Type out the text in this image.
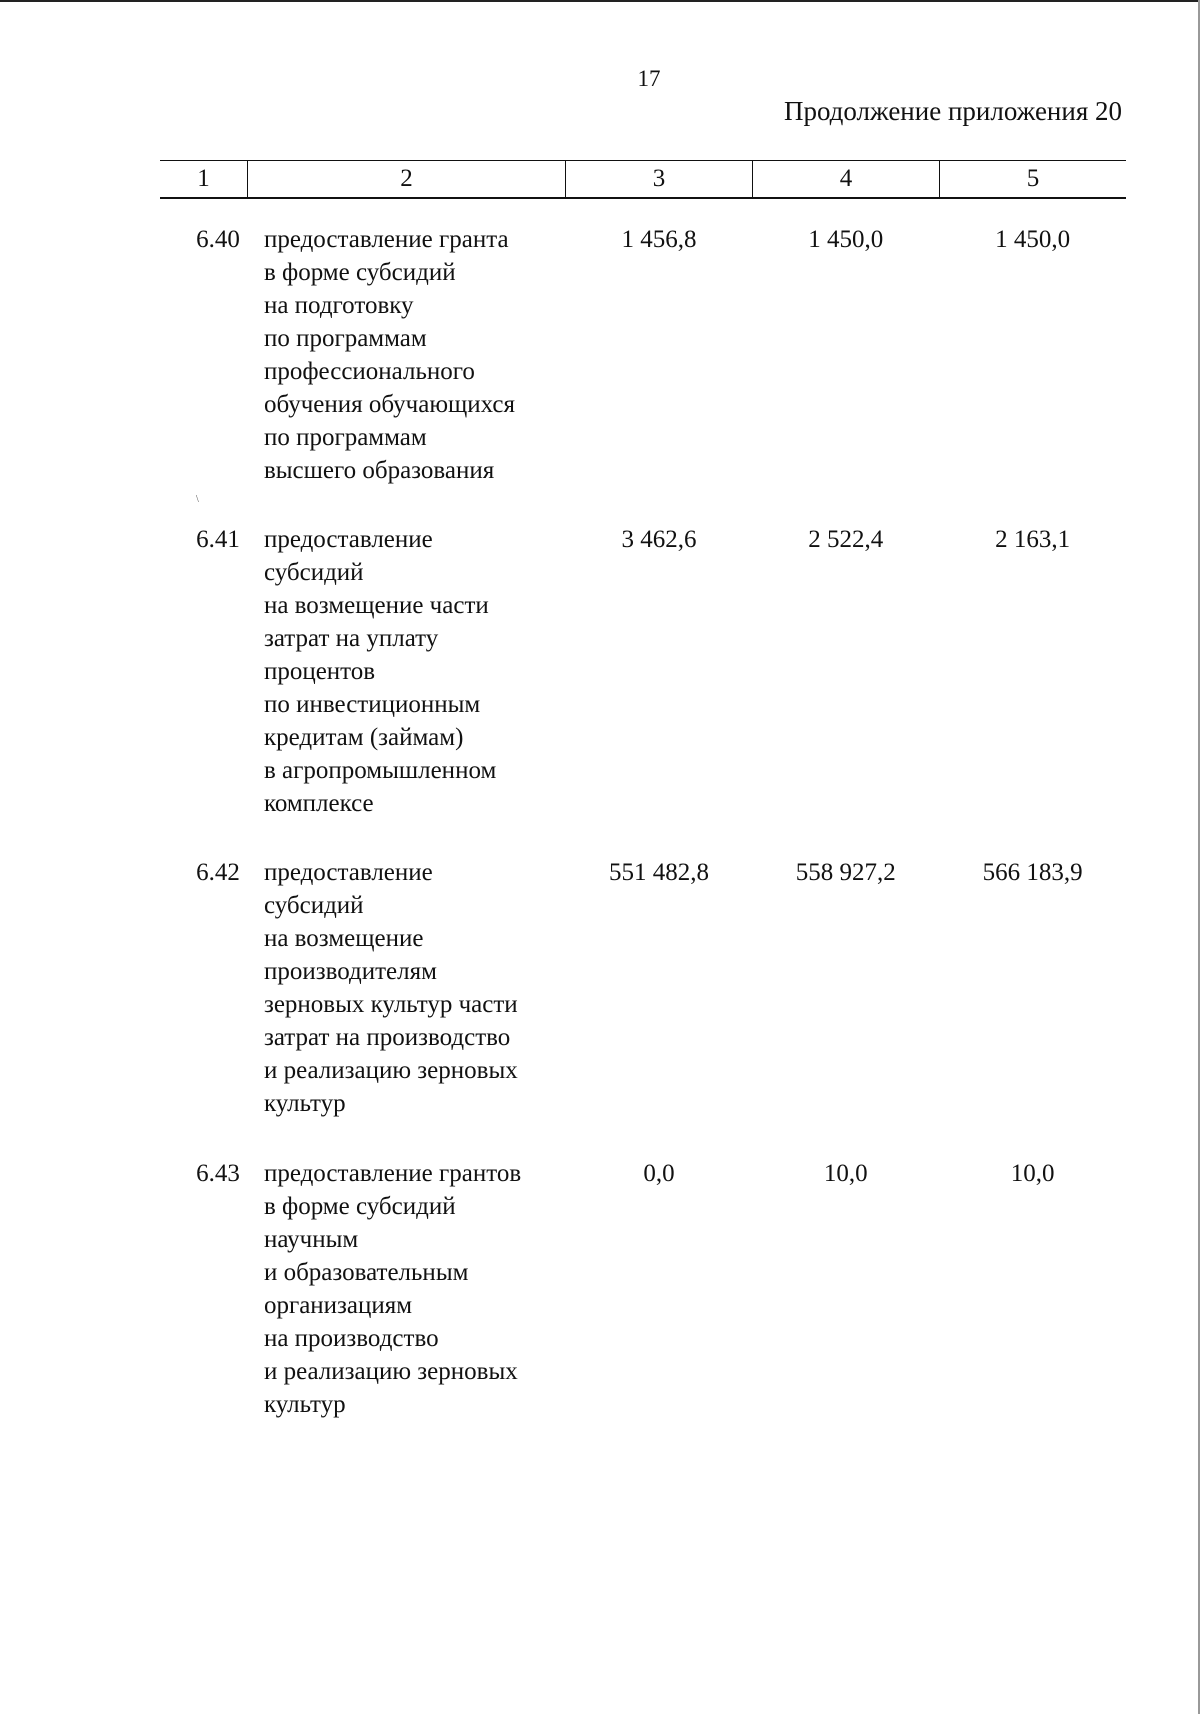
17
Продолжение приложения 20
1	2	3	4	5
6.40 предоставление гранта
в форме субсидий
на подготовку
по программам
профессионального
обучения обучающихся
по программам
высшего образования
1 456,8	1 450,0	1 450,0
\
6.41 предоставление
субсидий
на возмещение части
затрат на уплату
процентов
по инвестиционным
кредитам (займам)
в агропромышленном
комплексе
3 462,6	2 522,4	2 163,1
6.42 предоставление
субсидий
на возмещение
производителям
зерновых культур части
затрат на производство
и реализацию зерновых
культур
551 482,8	558 927,2	566 183,9
6.43 предоставление грантов
в форме субсидий
научным
и образовательным
организациям
на производство
и реализацию зерновых
культур
0,0	10,0	10,0
